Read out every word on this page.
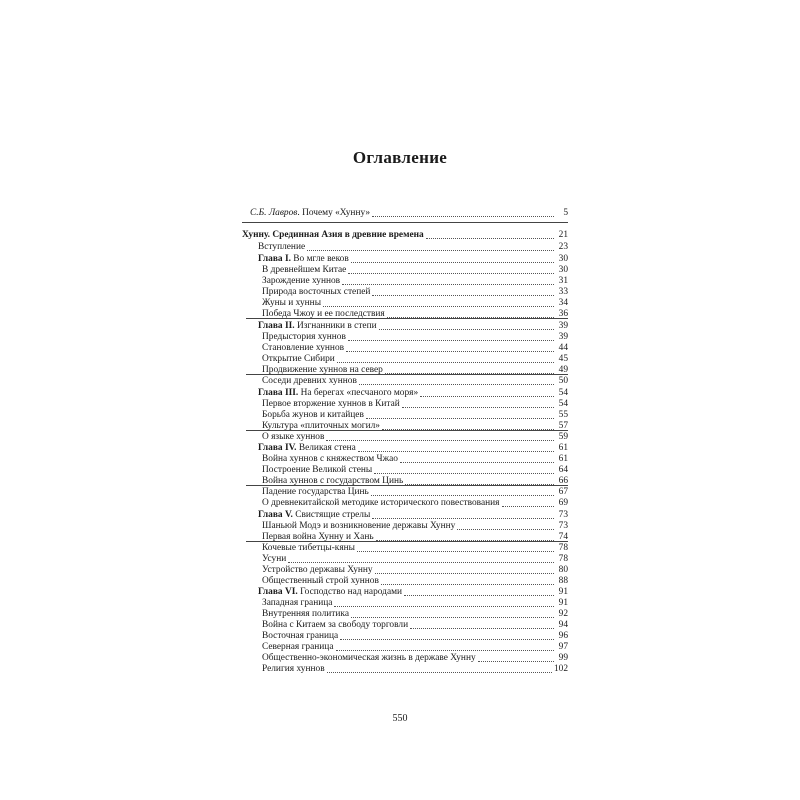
Оглавление
С.Б. Лавров. Почему «Хунну»	5
Хунну. Срединная Азия в древние времена	21
Вступление	23
Глава I. Во мгле веков	30
В древнейшем Китае	30
Зарождение хуннов	31
Природа восточных степей	33
Жуны и хунны	34
Победа Чжоу и ее последствия	36
Глава II. Изгнанники в степи	39
Предыстория хуннов	39
Становление хуннов	44
Открытие Сибири	45
Продвижение хуннов на север	49
Соседи древних хуннов	50
Глава III. На берегах «песчаного моря»	54
Первое вторжение хуннов в Китай	54
Борьба жунов и китайцев	55
Культура «плиточных могил»	57
О языке хуннов	59
Глава IV. Великая стена	61
Война хуннов с княжеством Чжао	61
Построение Великой стены	64
Война хуннов с государством Цинь	66
Падение государства Цинь	67
О древнекитайской методике исторического повествования	69
Глава V. Свистящие стрелы	73
Шаньюй Модэ и возникновение державы Хунну	73
Первая война Хунну и Хань	74
Кочевые тибетцы-кяны	78
Усуни	78
Устройство державы Хунну	80
Общественный строй хуннов	88
Глава VI. Господство над народами	91
Западная граница	91
Внутренняя политика	92
Война с Китаем за свободу торговли	94
Восточная граница	96
Северная граница	97
Общественно-экономическая жизнь в державе Хунну	99
Религия хуннов	102
550
